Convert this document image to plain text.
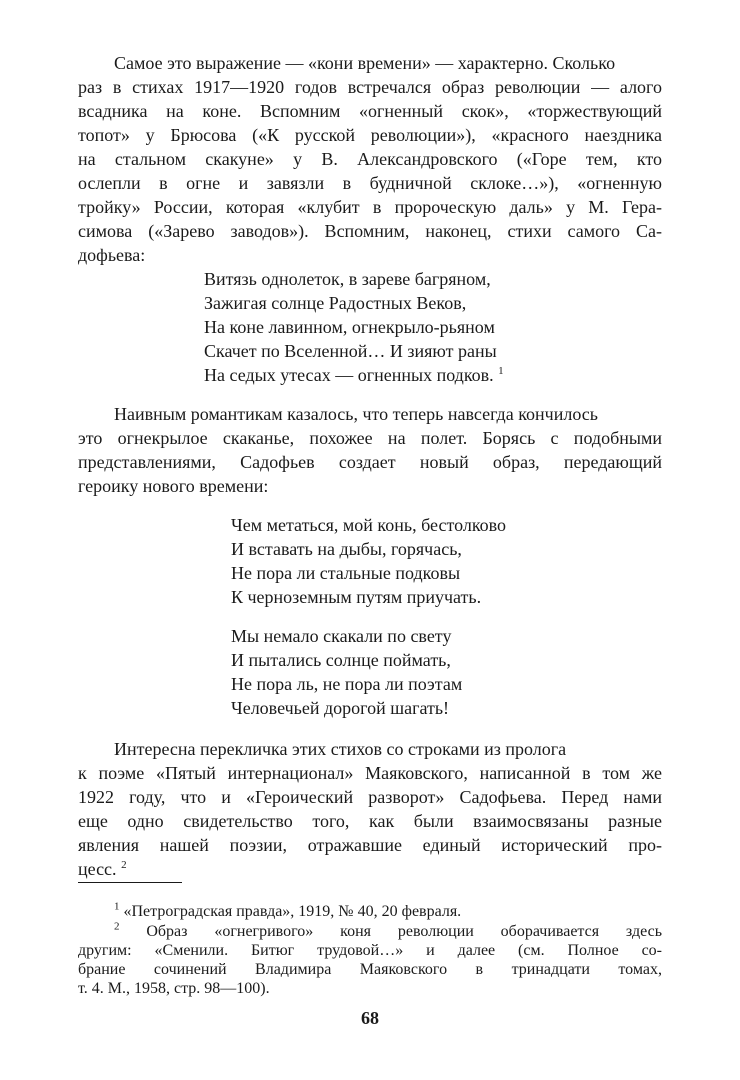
Самое это выражение — «кони времени» — характерно. Сколько
раз в стихах 1917—1920 годов встречался образ революции — алого
всадника на коне. Вспомним «огненный скок», «торжествующий
топот» у Брюсова («К русской революции»), «красного наездника
на стальном скакуне» у В. Александровского («Горе тем, кто
ослепли в огне и завязли в будничной склоке…»), «огненную
тройку» России, которая «клубит в пророческую даль» у М. Гера-
симова («Зарево заводов»). Вспомним, наконец, стихи самого Са-
дофьева:
Витязь однолеток, в зареве багряном,
Зажигая солнце Радостных Веков,
На коне лавинном, огнекрыло-рьяном
Скачет по Вселенной… И зияют раны
На седых утесах — огненных подков. $^1$
Наивным романтикам казалось, что теперь навсегда кончилось
это огнекрылое скаканье, похожее на полет. Борясь с подобными
представлениями, Садофьев создает новый образ, передающий
героику нового времени:
Чем метаться, мой конь, бестолково
И вставать на дыбы, горячась,
Не пора ли стальные подковы
К черноземным путям приучать.
Мы немало скакали по свету
И пытались солнце поймать,
Не пора ль, не пора ли поэтам
Человечьей дорогой шагать!
Интересна перекличка этих стихов со строками из пролога
к поэме «Пятый интернационал» Маяковского, написанной в том же
1922 году, что и «Героический разворот» Садофьева. Перед нами
еще одно свидетельство того, как были взаимосвязаны разные
явления нашей поэзии, отражавшие единый исторический про-
цесс. $^2$
$^1$ «Петроградская правда», 1919, № 40, 20 февраля.
$^2$ Образ «огнегривого» коня революции оборачивается здесь
другим: «Сменили. Битюг трудовой…» и далее (см. Полное со-
брание сочинений Владимира Маяковского в тринадцати томах,
т. 4. М., 1958, стр. 98—100).
68
